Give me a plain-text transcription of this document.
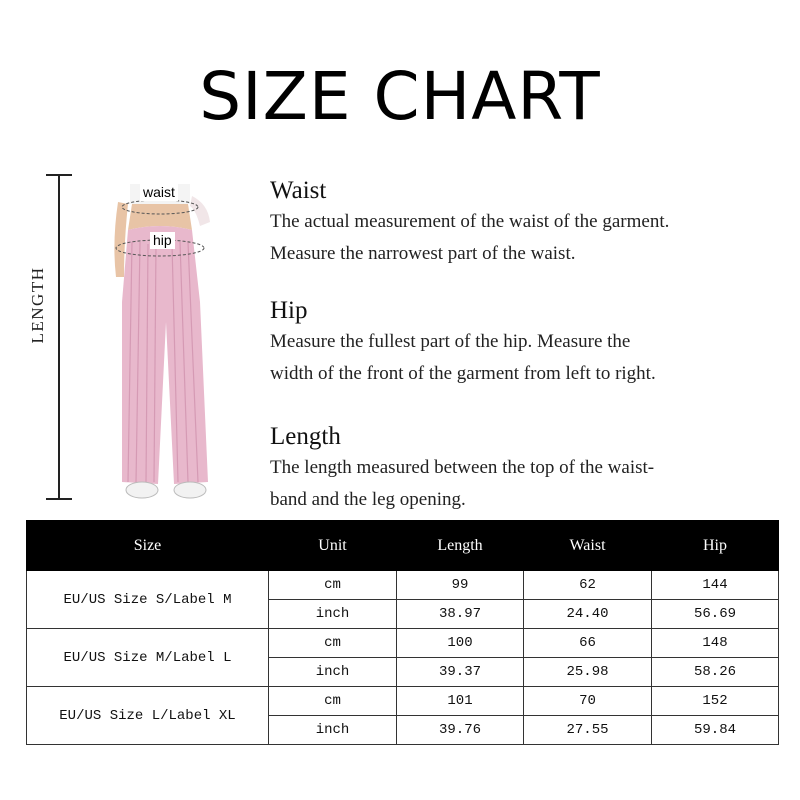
SIZE CHART
LENGTH
waist
hip
Waist

The actual measurement of the waist of the garment.

Measure the narrowest part of the waist.

Hip

Measure the fullest part of the hip. Measure the

width of the front of the garment from left to right.

Length

The length measured between the top of the waist-

band and the leg opening.

Size	Unit	Length	Waist	Hip
EU/US Size S/Label M	cm	99	62	144
	inch	38.97	24.40	56.69
EU/US Size M/Label L	cm	100	66	148
	inch	39.37	25.98	58.26
EU/US Size L/Label XL	cm	101	70	152
	inch	39.76	27.55	59.84
